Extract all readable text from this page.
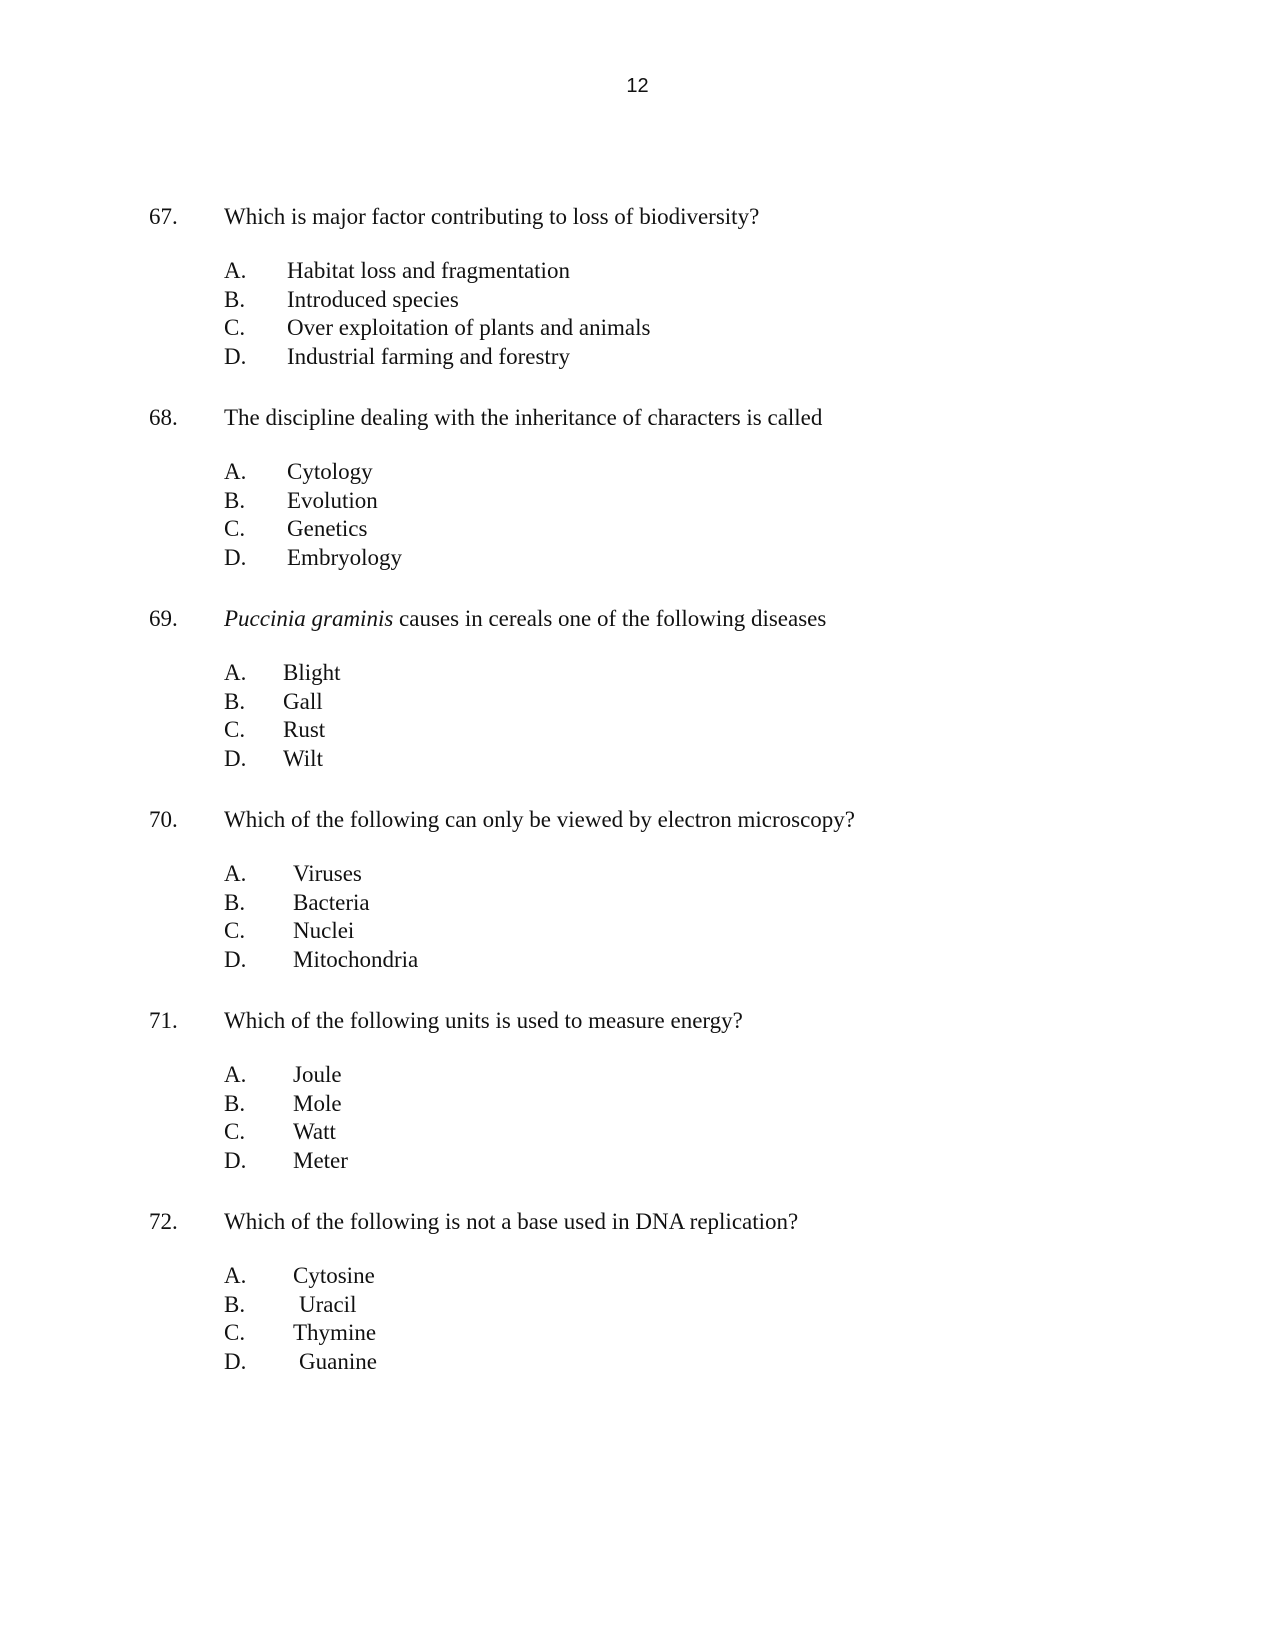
12
67.	Which is major factor contributing to loss of biodiversity?
A.	Habitat loss and fragmentation
B.	Introduced species
C.	Over exploitation of plants and animals
D.	Industrial farming and forestry
68.	The discipline dealing with the inheritance of characters is called
A.	Cytology
B.	Evolution
C.	Genetics
D.	Embryology
69.	Puccinia graminis causes in cereals one of the following diseases
A.	Blight
B.	Gall
C.	Rust
D.	Wilt
70.	Which of the following can only be viewed by electron microscopy?
A.	Viruses
B.	Bacteria
C.	Nuclei
D.	Mitochondria
71.	Which of the following units is used to measure energy?
A.	Joule
B.	Mole
C.	Watt
D.	Meter
72.	Which of the following is not a base used in DNA replication?
A.	Cytosine
B.	Uracil
C.	Thymine
D.	Guanine
